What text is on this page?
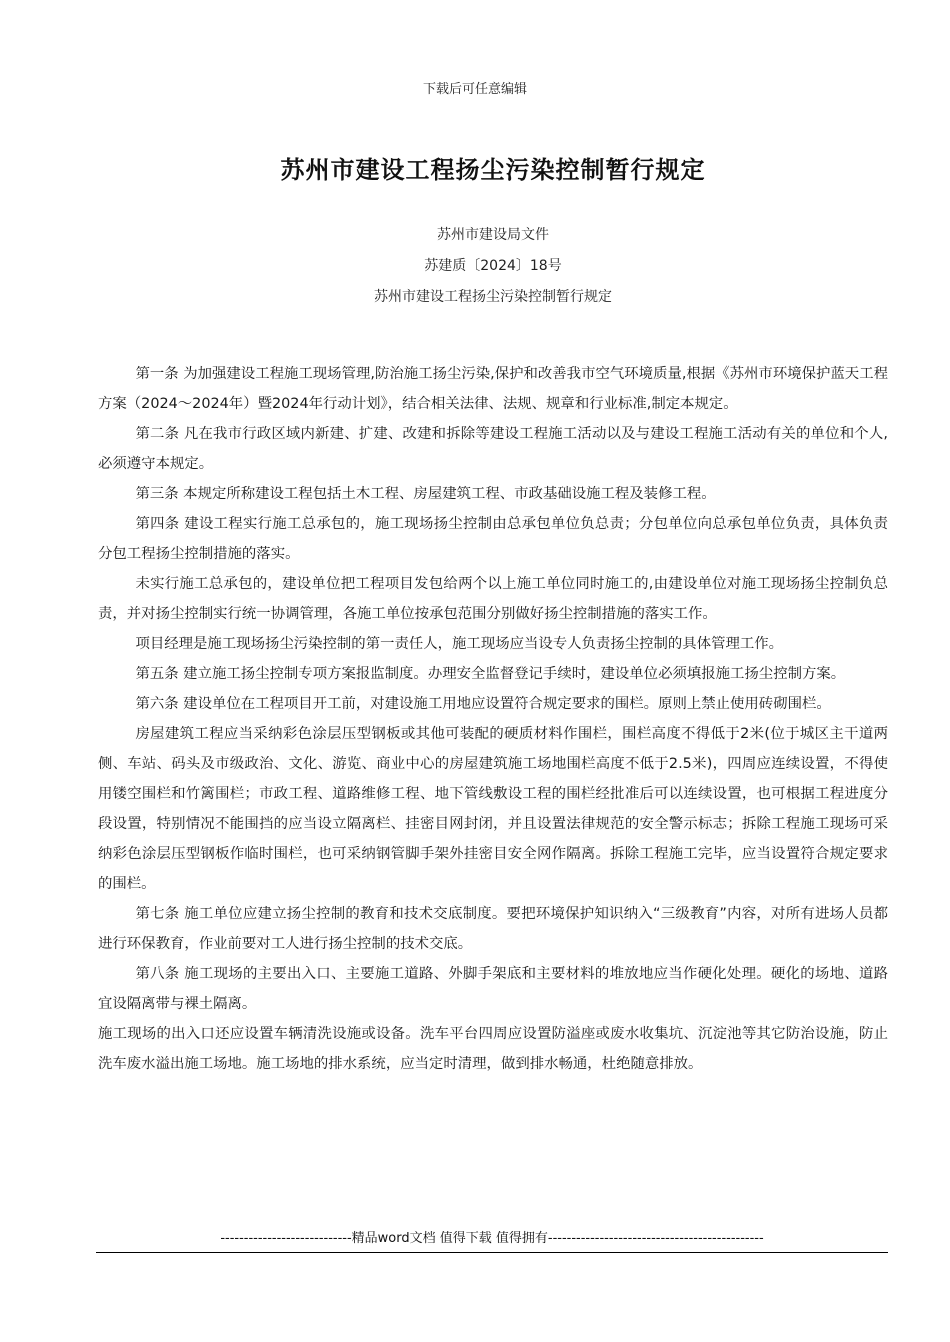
下载后可任意编辑
苏州市建设工程扬尘污染控制暂行规定
苏州市建设局文件
苏建质〔2024〕18号
苏州市建设工程扬尘污染控制暂行规定

第一条 为加强建设工程施工现场管理,防治施工扬尘污染,保护和改善我市空气环境质量,根据《苏州市环境保护蓝天工程方案（2024～2024年）暨2024年行动计划》，结合相关法律、法规、规章和行业标准,制定本规定。

第二条 凡在我市行政区域内新建、扩建、改建和拆除等建设工程施工活动以及与建设工程施工活动有关的单位和个人,必须遵守本规定。

第三条 本规定所称建设工程包括土木工程、房屋建筑工程、市政基础设施工程及装修工程。

第四条 建设工程实行施工总承包的，施工现场扬尘控制由总承包单位负总责；分包单位向总承包单位负责，具体负责分包工程扬尘控制措施的落实。

未实行施工总承包的，建设单位把工程项目发包给两个以上施工单位同时施工的,由建设单位对施工现场扬尘控制负总责，并对扬尘控制实行统一协调管理，各施工单位按承包范围分别做好扬尘控制措施的落实工作。

项目经理是施工现场扬尘污染控制的第一责任人，施工现场应当设专人负责扬尘控制的具体管理工作。

第五条 建立施工扬尘控制专项方案报监制度。办理安全监督登记手续时，建设单位必须填报施工扬尘控制方案。

第六条 建设单位在工程项目开工前，对建设施工用地应设置符合规定要求的围栏。原则上禁止使用砖砌围栏。

房屋建筑工程应当采纳彩色涂层压型钢板或其他可装配的硬质材料作围栏，围栏高度不得低于2米(位于城区主干道两侧、车站、码头及市级政治、文化、游览、商业中心的房屋建筑施工场地围栏高度不低于2.5米)，四周应连续设置，不得使用镂空围栏和竹篱围栏；市政工程、道路维修工程、地下管线敷设工程的围栏经批准后可以连续设置，也可根据工程进度分段设置，特别情况不能围挡的应当设立隔离栏、挂密目网封闭，并且设置法律规范的安全警示标志；拆除工程施工现场可采纳彩色涂层压型钢板作临时围栏，也可采纳钢管脚手架外挂密目安全网作隔离。拆除工程施工完毕，应当设置符合规定要求的围栏。

第七条 施工单位应建立扬尘控制的教育和技术交底制度。要把环境保护知识纳入“三级教育”内容，对所有进场人员都进行环保教育，作业前要对工人进行扬尘控制的技术交底。

第八条 施工现场的主要出入口、主要施工道路、外脚手架底和主要材料的堆放地应当作硬化处理。硬化的场地、道路宜设隔离带与裸土隔离。

施工现场的出入口还应设置车辆清洗设施或设备。洗车平台四周应设置防溢座或废水收集坑、沉淀池等其它防治设施，防止洗车废水溢出施工场地。施工场地的排水系统，应当定时清理，做到排水畅通，杜绝随意排放。

----------------------------精品word文档 值得下载 值得拥有----------------------------------------------
